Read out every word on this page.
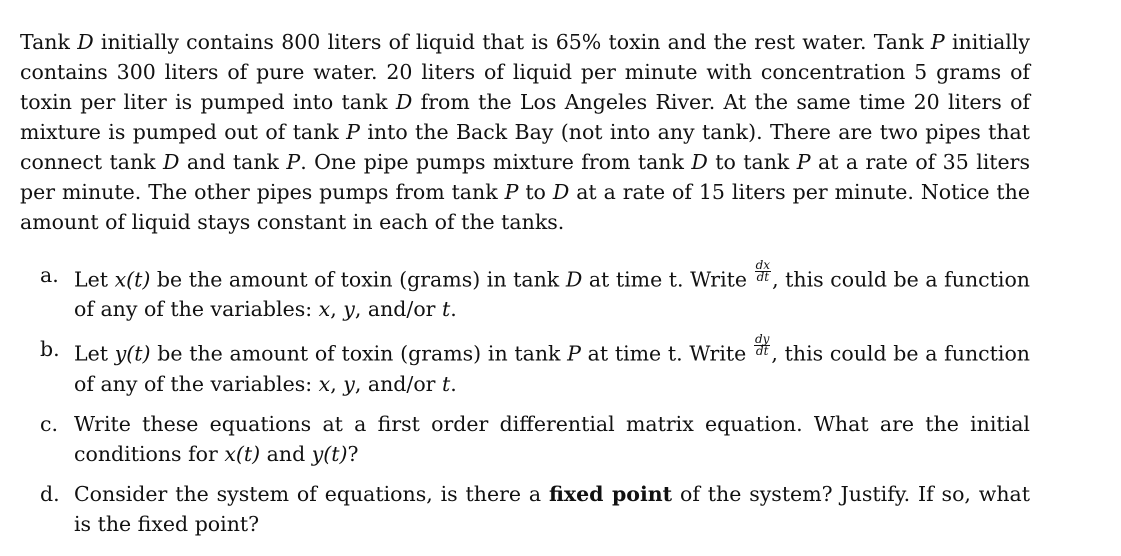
Tank D initially contains 800 liters of liquid that is 65% toxin and the rest water. Tank P initially contains 300 liters of pure water. 20 liters of liquid per minute with concentration 5 grams of toxin per liter is pumped into tank D from the Los Angeles River. At the same time 20 liters of mixture is pumped out of tank P into the Back Bay (not into any tank). There are two pipes that connect tank D and tank P. One pipe pumps mixture from tank D to tank P at a rate of 35 liters per minute. The other pipes pumps from tank P to D at a rate of 15 liters per minute. Notice the amount of liquid stays constant in each of the tanks.

a. Let x(t) be the amount of toxin (grams) in tank D at time t. Write $\frac{dx}{dt}$ , this could be a function of any of the variables: x, y, and/or t.
b. Let y(t) be the amount of toxin (grams) in tank P at time t. Write $\frac{dy}{dt}$ , this could be a function of any of the variables: x, y, and/or t.
c. Write these equations at a first order differential matrix equation. What are the initial conditions for x(t) and y(t)?
d. Consider the system of equations, is there a fixed point of the system? Justify. If so, what is the fixed point?
